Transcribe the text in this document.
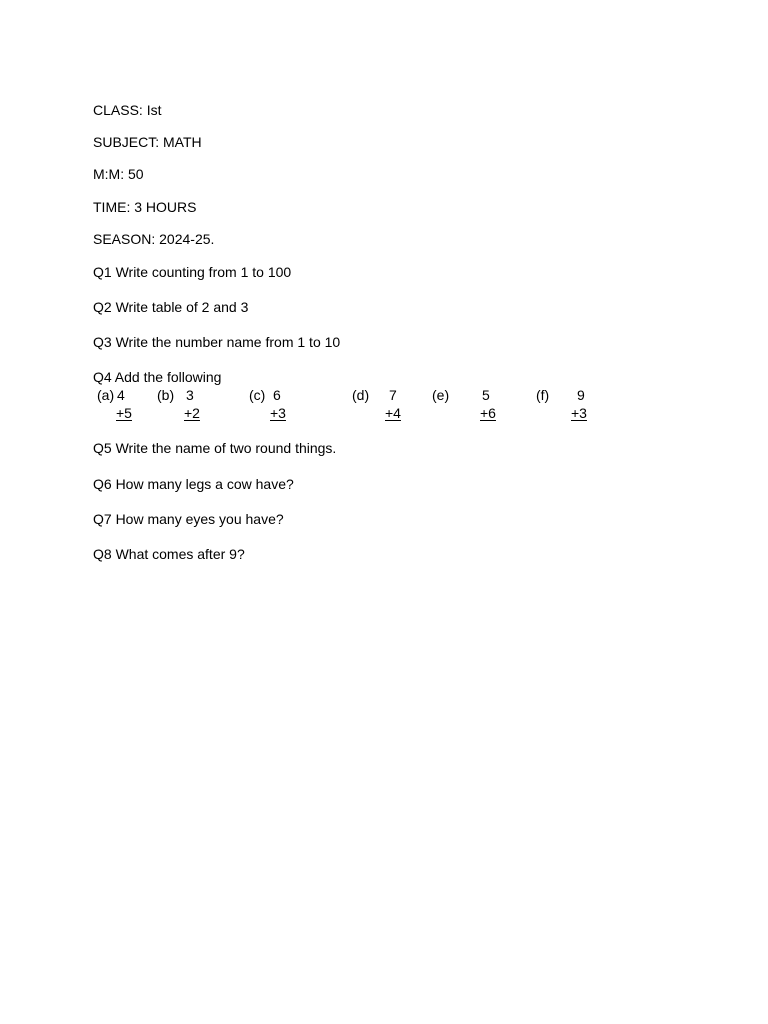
CLASS: Ist
SUBJECT: MATH
M:M: 50
TIME: 3 HOURS
SEASON: 2024-25.
Q1 Write counting from 1 to 100
Q2 Write table of 2 and 3
Q3 Write the number name from 1 to 10
Q4 Add the following
(a) 4
+5
(b) 3
+2
(c) 6
+3
(d) 7
+4
(e) 5
+6
(f) 9
+3
Q5 Write the name of two round things.
Q6 How many legs a cow have?
Q7 How many eyes you have?
Q8 What comes after 9?
